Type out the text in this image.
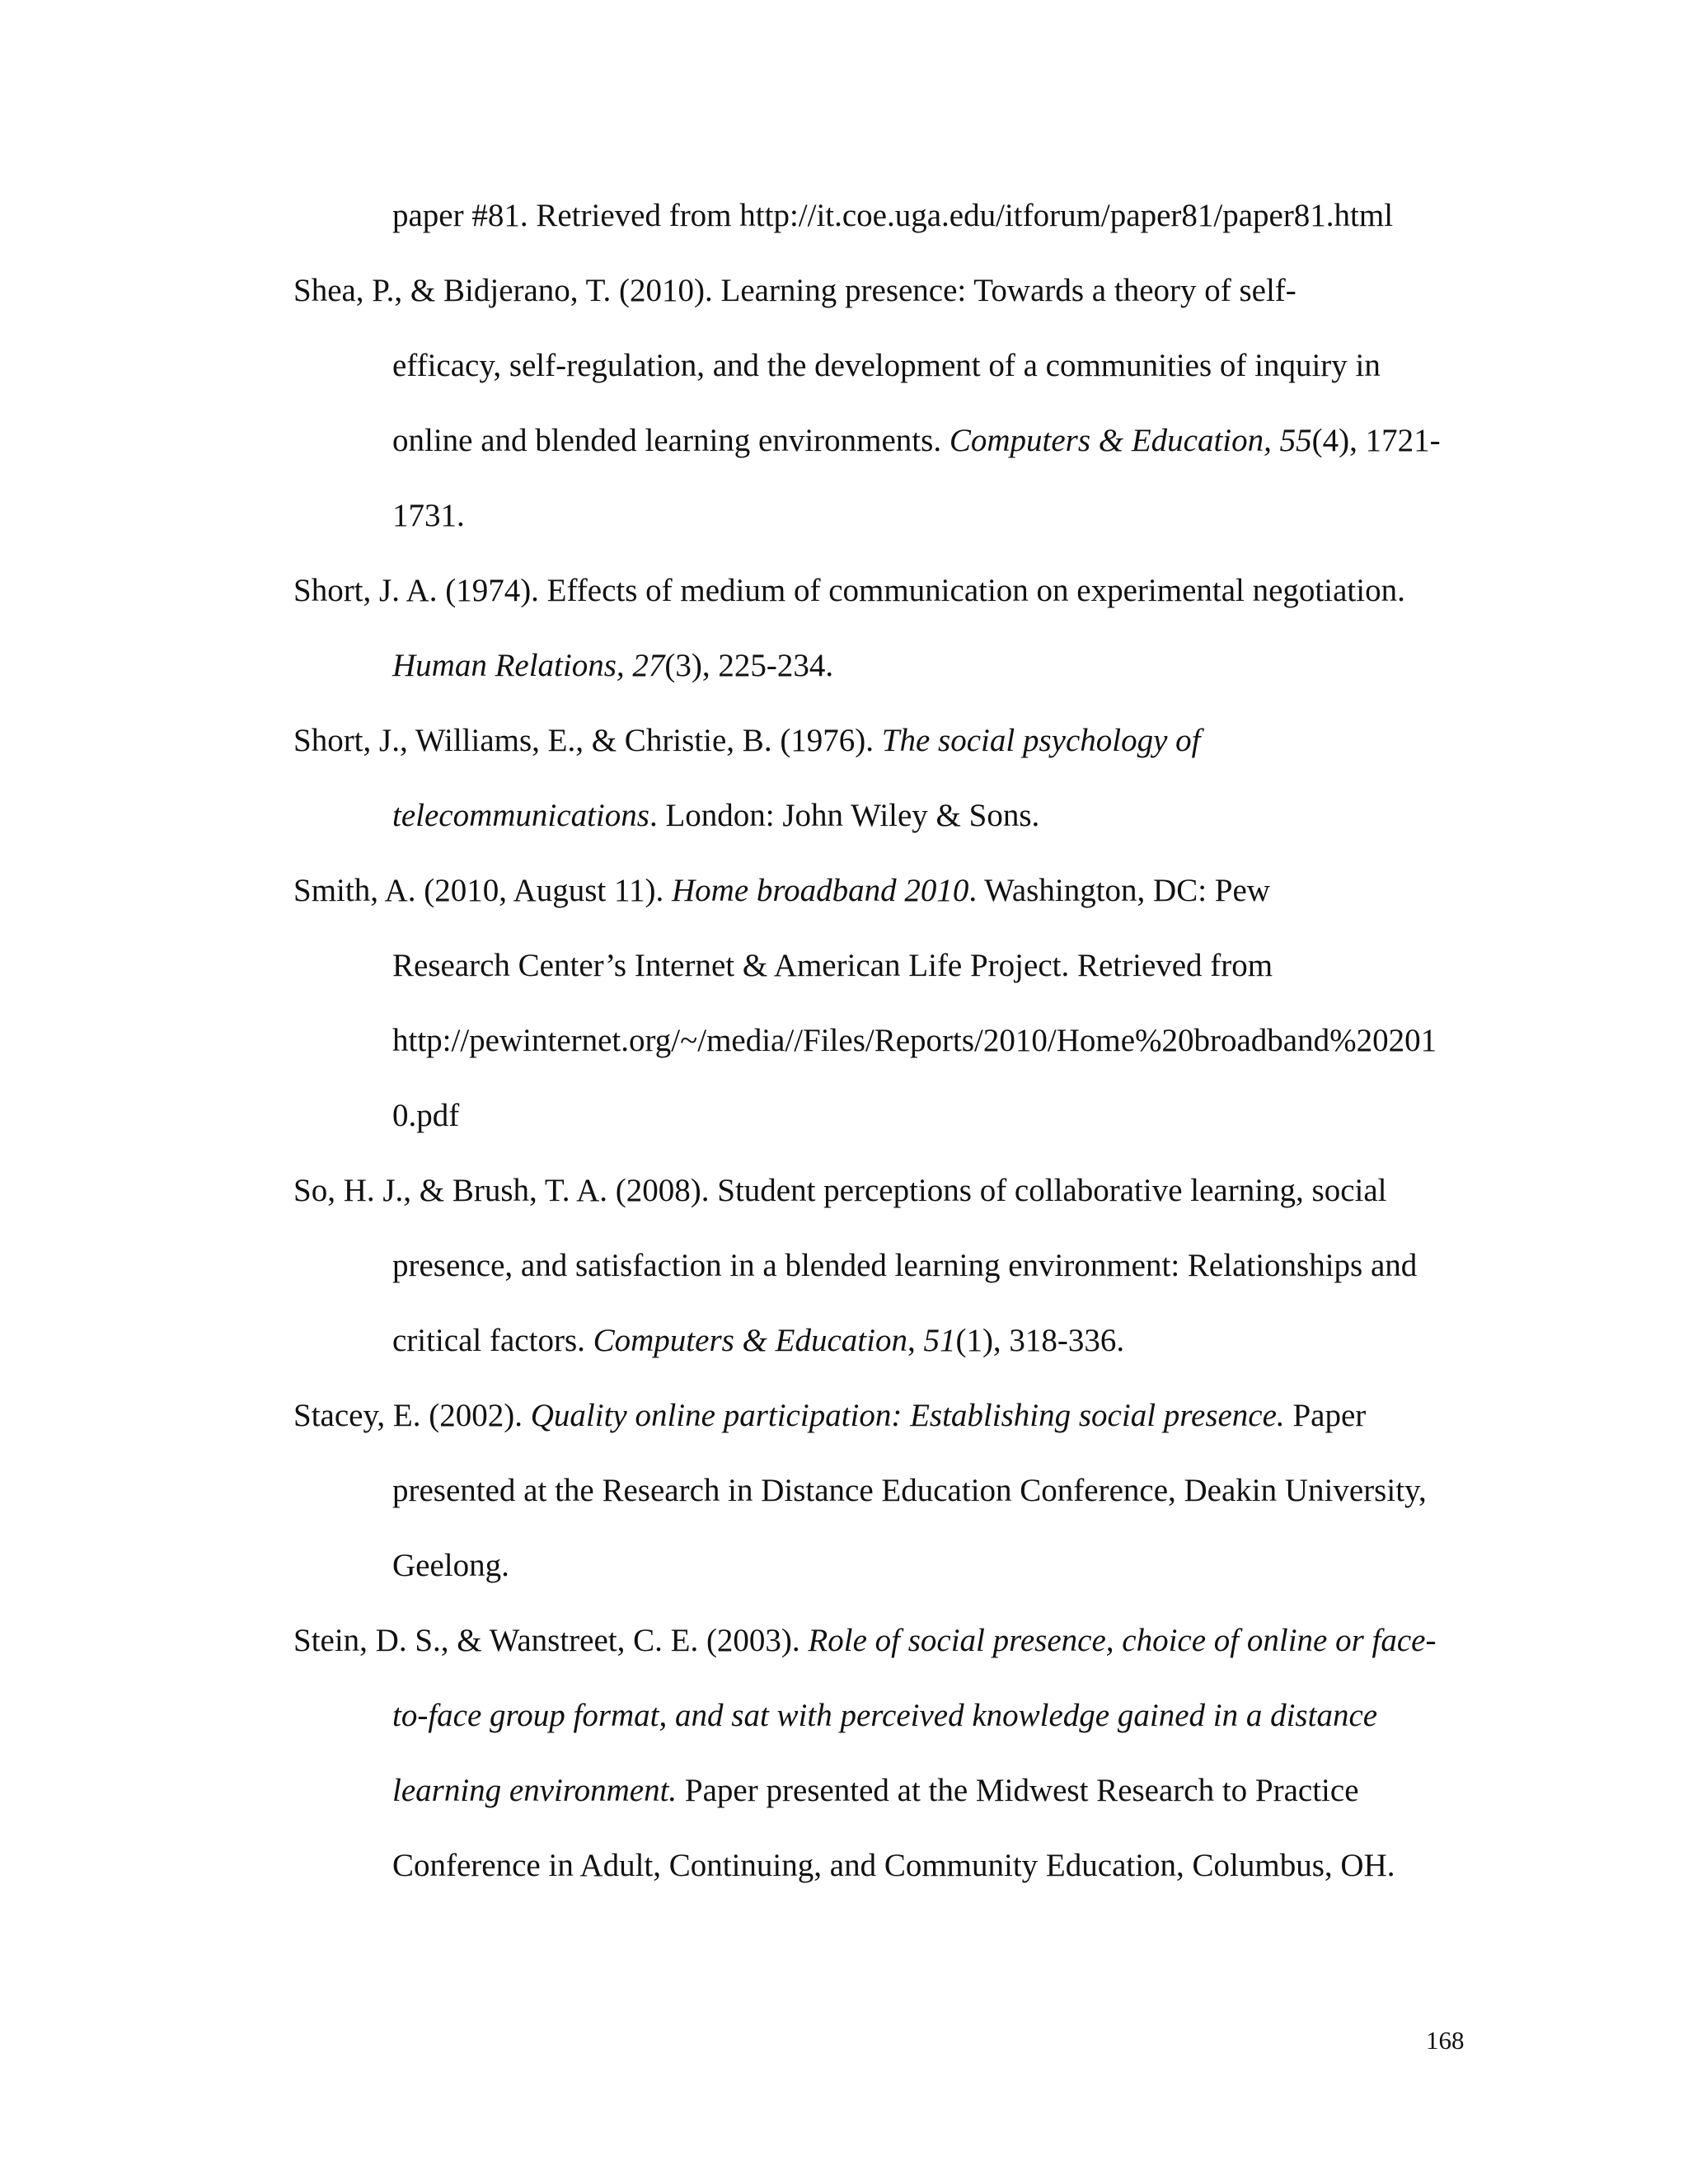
paper #81. Retrieved from http://it.coe.uga.edu/itforum/paper81/paper81.html
Shea, P., & Bidjerano, T. (2010). Learning presence: Towards a theory of self-
efficacy, self-regulation, and the development of a communities of inquiry in
online and blended learning environments. Computers & Education, 55(4), 1721-
1731.
Short, J. A. (1974). Effects of medium of communication on experimental negotiation.
Human Relations, 27(3), 225-234.
Short, J., Williams, E., & Christie, B. (1976). The social psychology of
telecommunications. London: John Wiley & Sons.
Smith, A. (2010, August 11). Home broadband 2010. Washington, DC: Pew
Research Center’s Internet & American Life Project. Retrieved from
http://pewinternet.org/~/media//Files/Reports/2010/Home%20broadband%20201
0.pdf
So, H. J., & Brush, T. A. (2008). Student perceptions of collaborative learning, social
presence, and satisfaction in a blended learning environment: Relationships and
critical factors. Computers & Education, 51(1), 318-336.
Stacey, E. (2002). Quality online participation: Establishing social presence. Paper
presented at the Research in Distance Education Conference, Deakin University,
Geelong.
Stein, D. S., & Wanstreet, C. E. (2003). Role of social presence, choice of online or face-
to-face group format, and sat with perceived knowledge gained in a distance
learning environment. Paper presented at the Midwest Research to Practice
Conference in Adult, Continuing, and Community Education, Columbus, OH.
168
